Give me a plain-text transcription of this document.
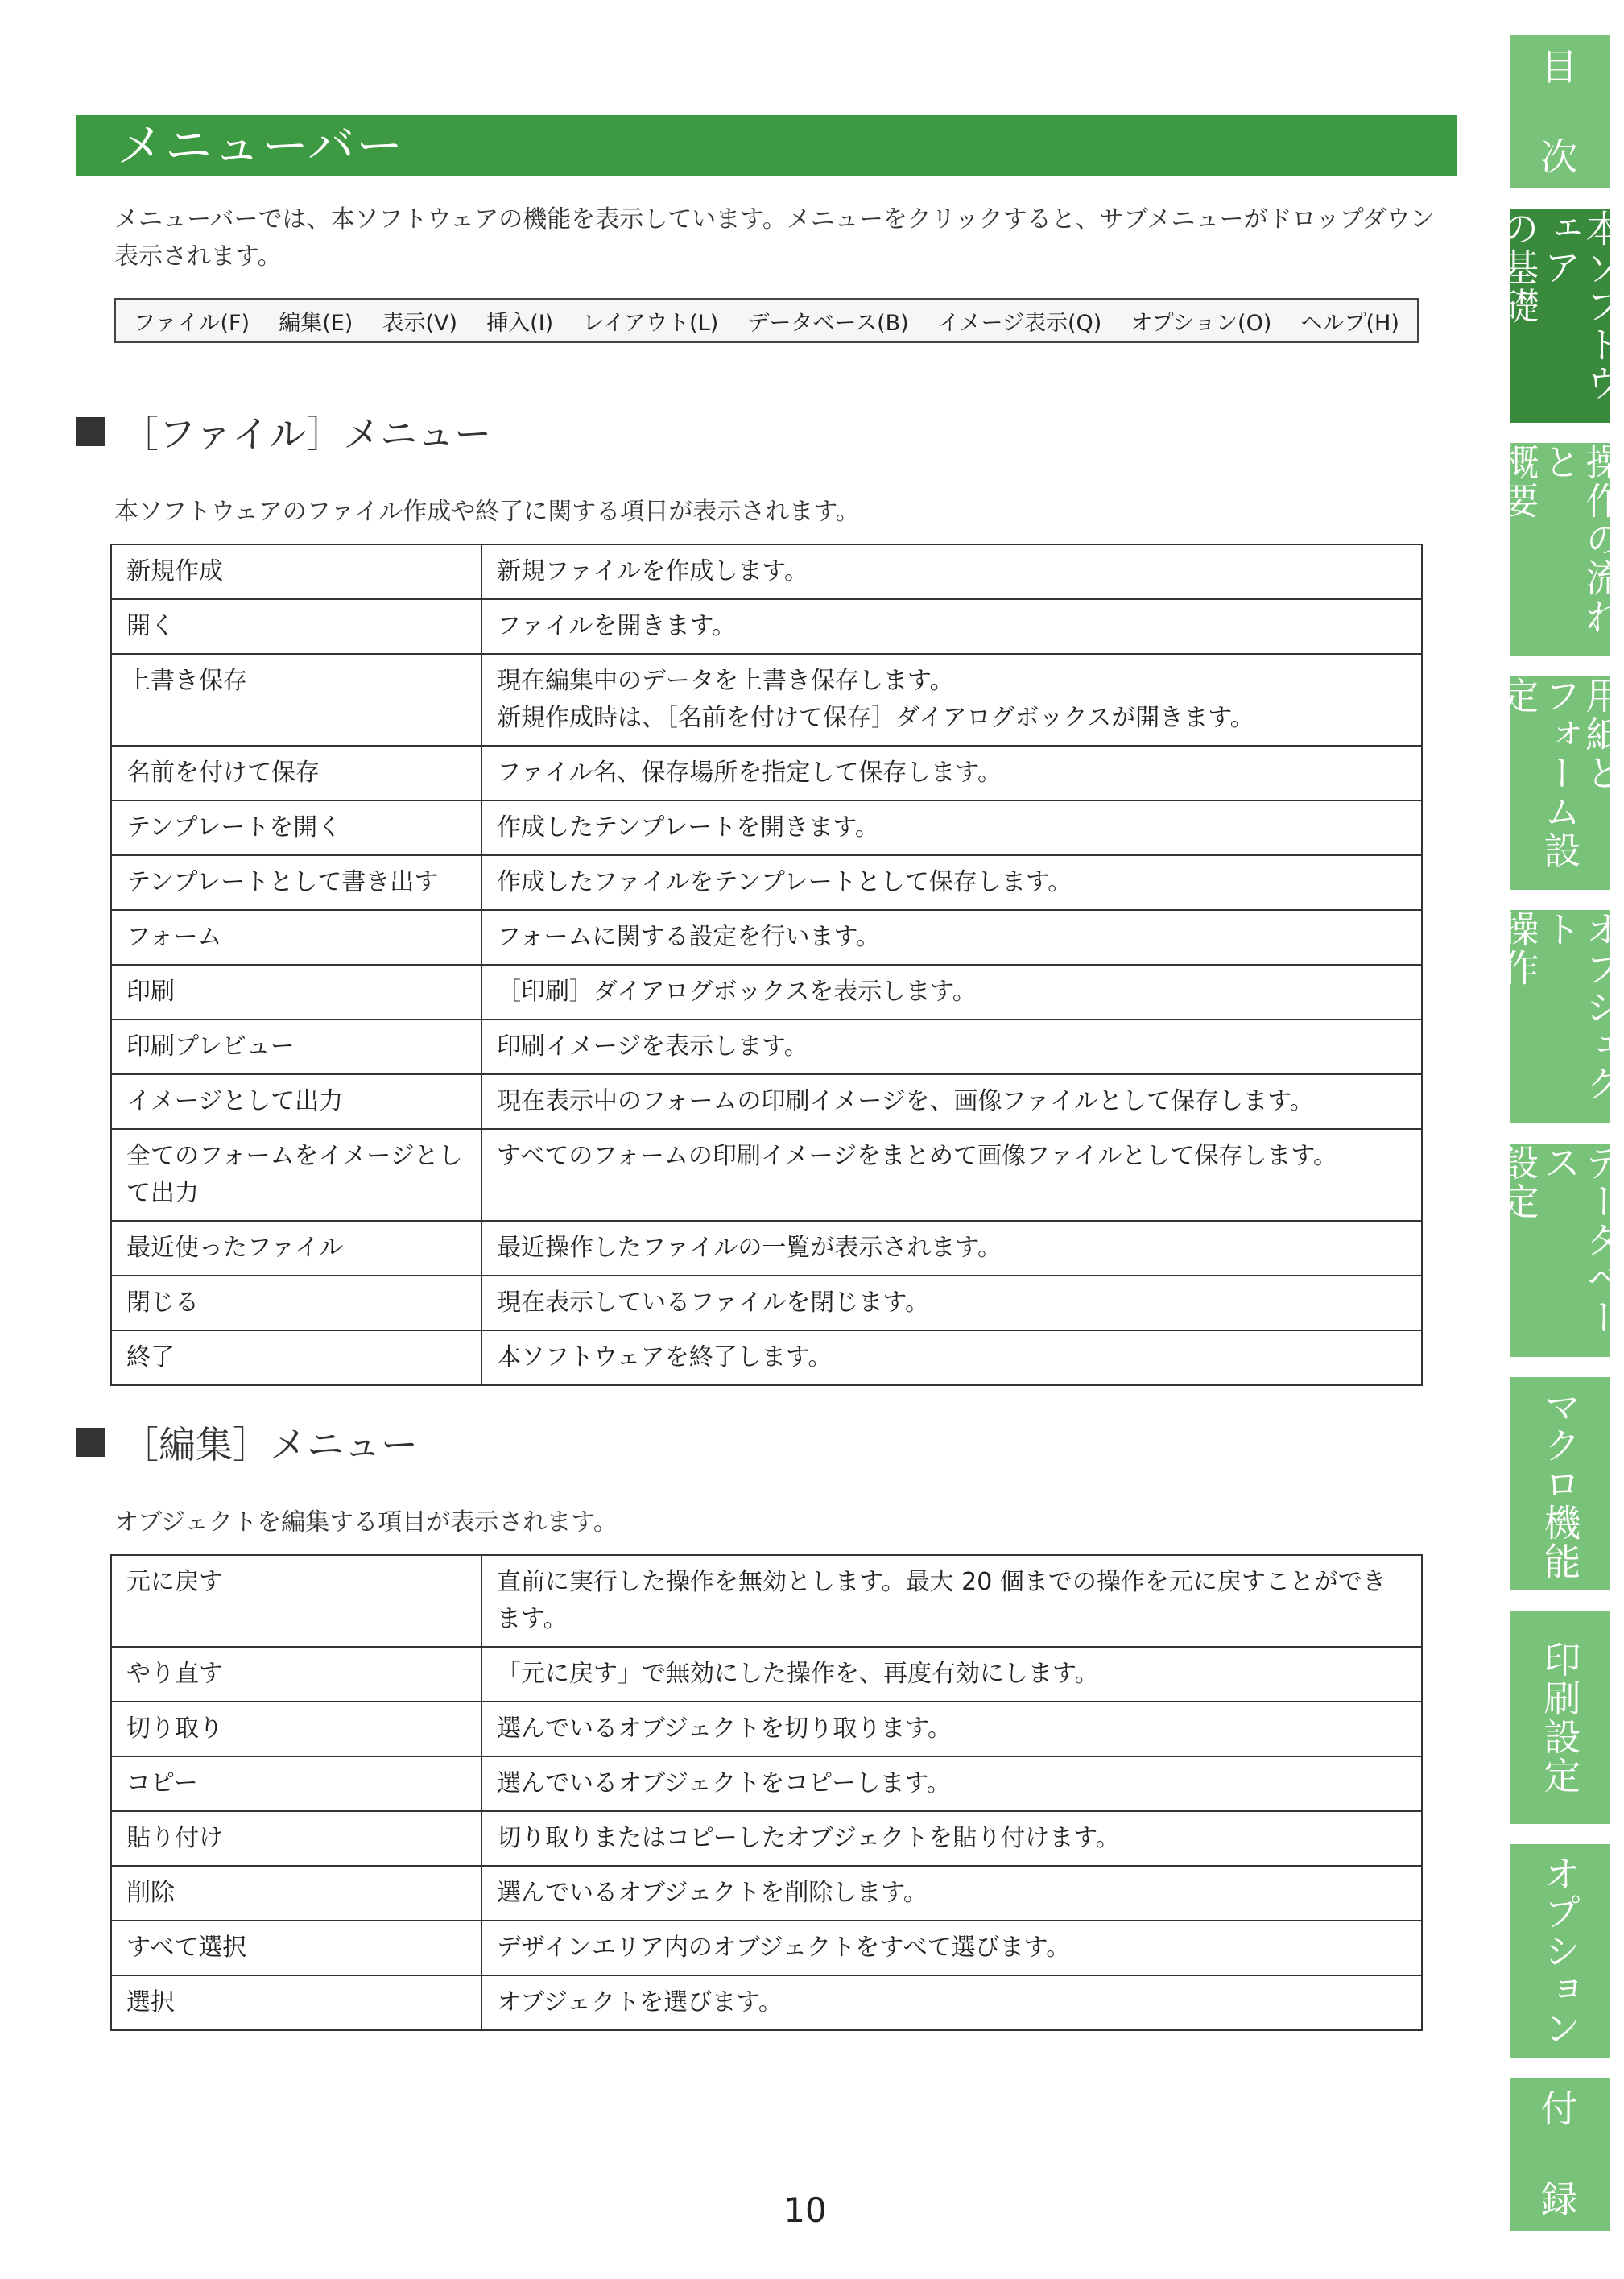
メニューバー
メニューバーでは、本ソフトウェアの機能を表示しています。メニューをクリックすると、サブメニューがドロップダウン表示されます。
ファイル(F) 編集(E) 表示(V) 挿入(I) レイアウト(L) データベース(B) イメージ表示(Q) オプション(O) ヘルプ(H)
［ファイル］メニュー
本ソフトウェアのファイル作成や終了に関する項目が表示されます。
新規作成	新規ファイルを作成します。
開く	ファイルを開きます。
上書き保存	現在編集中のデータを上書き保存します。
新規作成時は、［名前を付けて保存］ダイアログボックスが開きます。

名前を付けて保存	ファイル名、保存場所を指定して保存します。
テンプレートを開く	作成したテンプレートを開きます。
テンプレートとして書き出す	作成したファイルをテンプレートとして保存します。
フォーム	フォームに関する設定を行います。
印刷	［印刷］ダイアログボックスを表示します。
印刷プレビュー	印刷イメージを表示します。
イメージとして出力	現在表示中のフォームの印刷イメージを、画像ファイルとして保存します。
全てのフォームをイメージとして出力	すべてのフォームの印刷イメージをまとめて画像ファイルとして保存します。
最近使ったファイル	最近操作したファイルの一覧が表示されます。
閉じる	現在表示しているファイルを閉じます。
終了	本ソフトウェアを終了します。
［編集］メニュー
オブジェクトを編集する項目が表示されます。
元に戻す	直前に実行した操作を無効とします。最大 20 個までの操作を元に戻すことができます。
やり直す	「元に戻す」で無効にした操作を、再度有効にします。
切り取り	選んでいるオブジェクトを切り取ります。
コピー	選んでいるオブジェクトをコピーします。
貼り付け	切り取りまたはコピーしたオブジェクトを貼り付けます。
削除	選んでいるオブジェクトを削除します。
すべて選択	デザインエリア内のオブジェクトをすべて選びます。
選択	オブジェクトを選びます。
10
目

次
本ソフトウェア
の基礎
操作の流れと
概要
用紙と
フォーム設定
オブジェクト
操作
データベース
設定
マクロ機能
印刷設定
オプション
付

録
